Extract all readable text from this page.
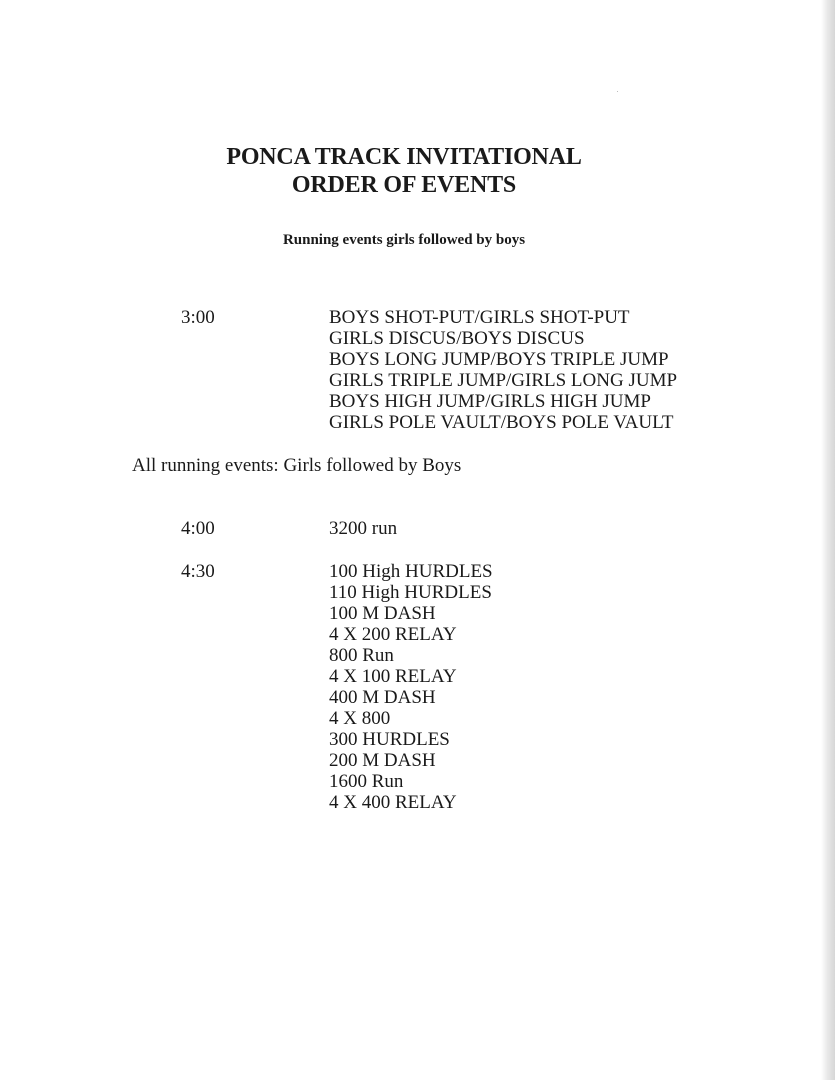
PONCA TRACK INVITATIONAL
ORDER OF EVENTS
Running events girls followed by boys
3:00	BOYS SHOT-PUT/GIRLS SHOT-PUT
GIRLS DISCUS/BOYS DISCUS
BOYS LONG JUMP/BOYS TRIPLE JUMP
GIRLS TRIPLE JUMP/GIRLS LONG JUMP
BOYS HIGH JUMP/GIRLS HIGH JUMP
GIRLS POLE VAULT/BOYS POLE VAULT
All running events: Girls followed by Boys
4:00	3200 run
4:30	100 High HURDLES
110 High HURDLES
100 M DASH
4 X 200 RELAY
800 Run
4 X 100 RELAY
400 M DASH
4 X 800
300 HURDLES
200 M DASH
1600 Run
4 X 400 RELAY
